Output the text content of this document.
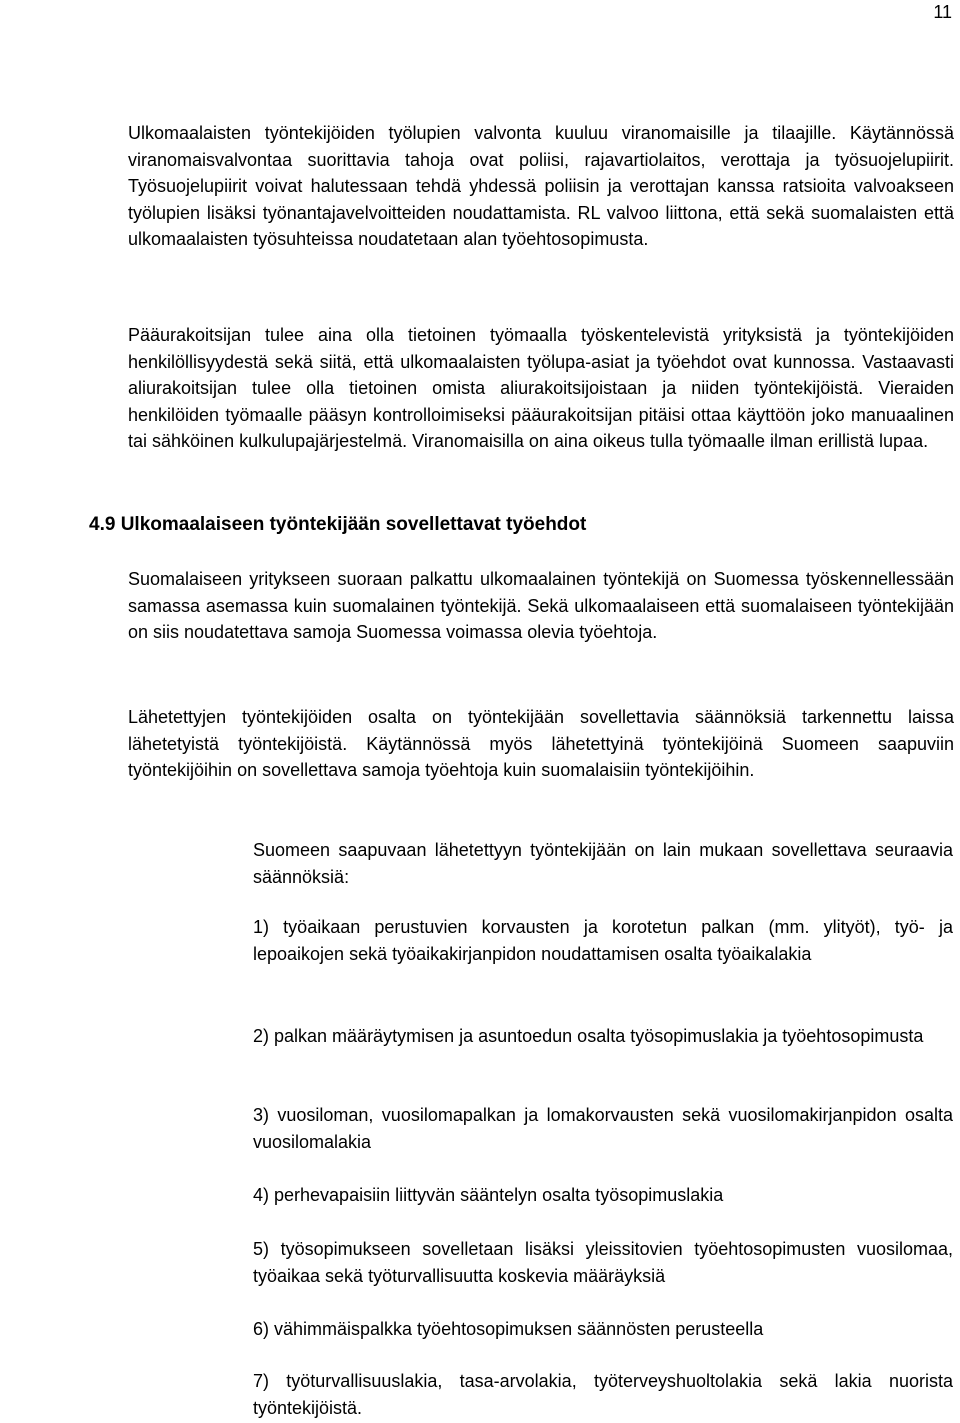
11

Ulkomaalaisten työntekijöiden työlupien valvonta kuuluu viranomaisille ja tilaajille. Käytännössä viranomaisvalvontaa suorittavia tahoja ovat poliisi, rajavartiolaitos, verottaja ja työsuojelupiirit. Työsuojelupiirit voivat halutessaan tehdä yhdessä poliisin ja verottajan kanssa ratsioita valvoakseen työlupien lisäksi työnantajavelvoitteiden noudattamista. RL valvoo liittona, että sekä suomalaisten että ulkomaalaisten työsuhteissa noudatetaan alan työehtosopimusta.

Pääurakoitsijan tulee aina olla tietoinen työmaalla työskentelevistä yrityksistä ja työntekijöiden henkilöllisyydestä sekä siitä, että ulkomaalaisten työlupa-asiat ja työehdot ovat kunnossa. Vastaavasti aliurakoitsijan tulee olla tietoinen omista aliurakoitsijoistaan ja niiden työntekijöistä. Vieraiden henkilöiden työmaalle pääsyn kontrolloimiseksi pääurakoitsijan pitäisi ottaa käyttöön joko manuaalinen tai sähköinen kulkulupajärjestelmä. Viranomaisilla on aina oikeus tulla työmaalle ilman erillistä lupaa.

4.9 Ulkomaalaiseen työntekijään sovellettavat työehdot

Suomalaiseen yritykseen suoraan palkattu ulkomaalainen työntekijä on Suomessa työskennellessään samassa asemassa kuin suomalainen työntekijä. Sekä ulkomaalaiseen että suomalaiseen työntekijään on siis noudatettava samoja Suomessa voimassa olevia työehtoja.

Lähetettyjen työntekijöiden osalta on työntekijään sovellettavia säännöksiä tarkennettu laissa lähetetyistä työntekijöistä. Käytännössä myös lähetettyinä työntekijöinä Suomeen saapuviin työntekijöihin on sovellettava samoja työehtoja kuin suomalaisiin työntekijöihin.

Suomeen saapuvaan lähetettyyn työntekijään on lain mukaan sovellettava seuraavia säännöksiä:

1) työaikaan perustuvien korvausten ja korotetun palkan (mm. ylityöt), työ- ja lepoaikojen sekä työaikakirjanpidon noudattamisen osalta työaikalakia

2) palkan määräytymisen ja asuntoedun osalta työsopimuslakia ja työehtosopimusta

3) vuosiloman, vuosilomapalkan ja lomakorvausten sekä vuosilomakirjanpidon osalta vuosilomalakia

4) perhevapaisiin liittyvän sääntelyn osalta työsopimuslakia

5) työsopimukseen sovelletaan lisäksi yleissitovien työehtosopimusten vuosilomaa, työaikaa sekä työturvallisuutta koskevia määräyksiä

6) vähimmäispalkka työehtosopimuksen säännösten perusteella

7) työturvallisuuslakia, tasa-arvolakia, työterveyshuoltolakia sekä lakia nuorista työntekijöistä.
